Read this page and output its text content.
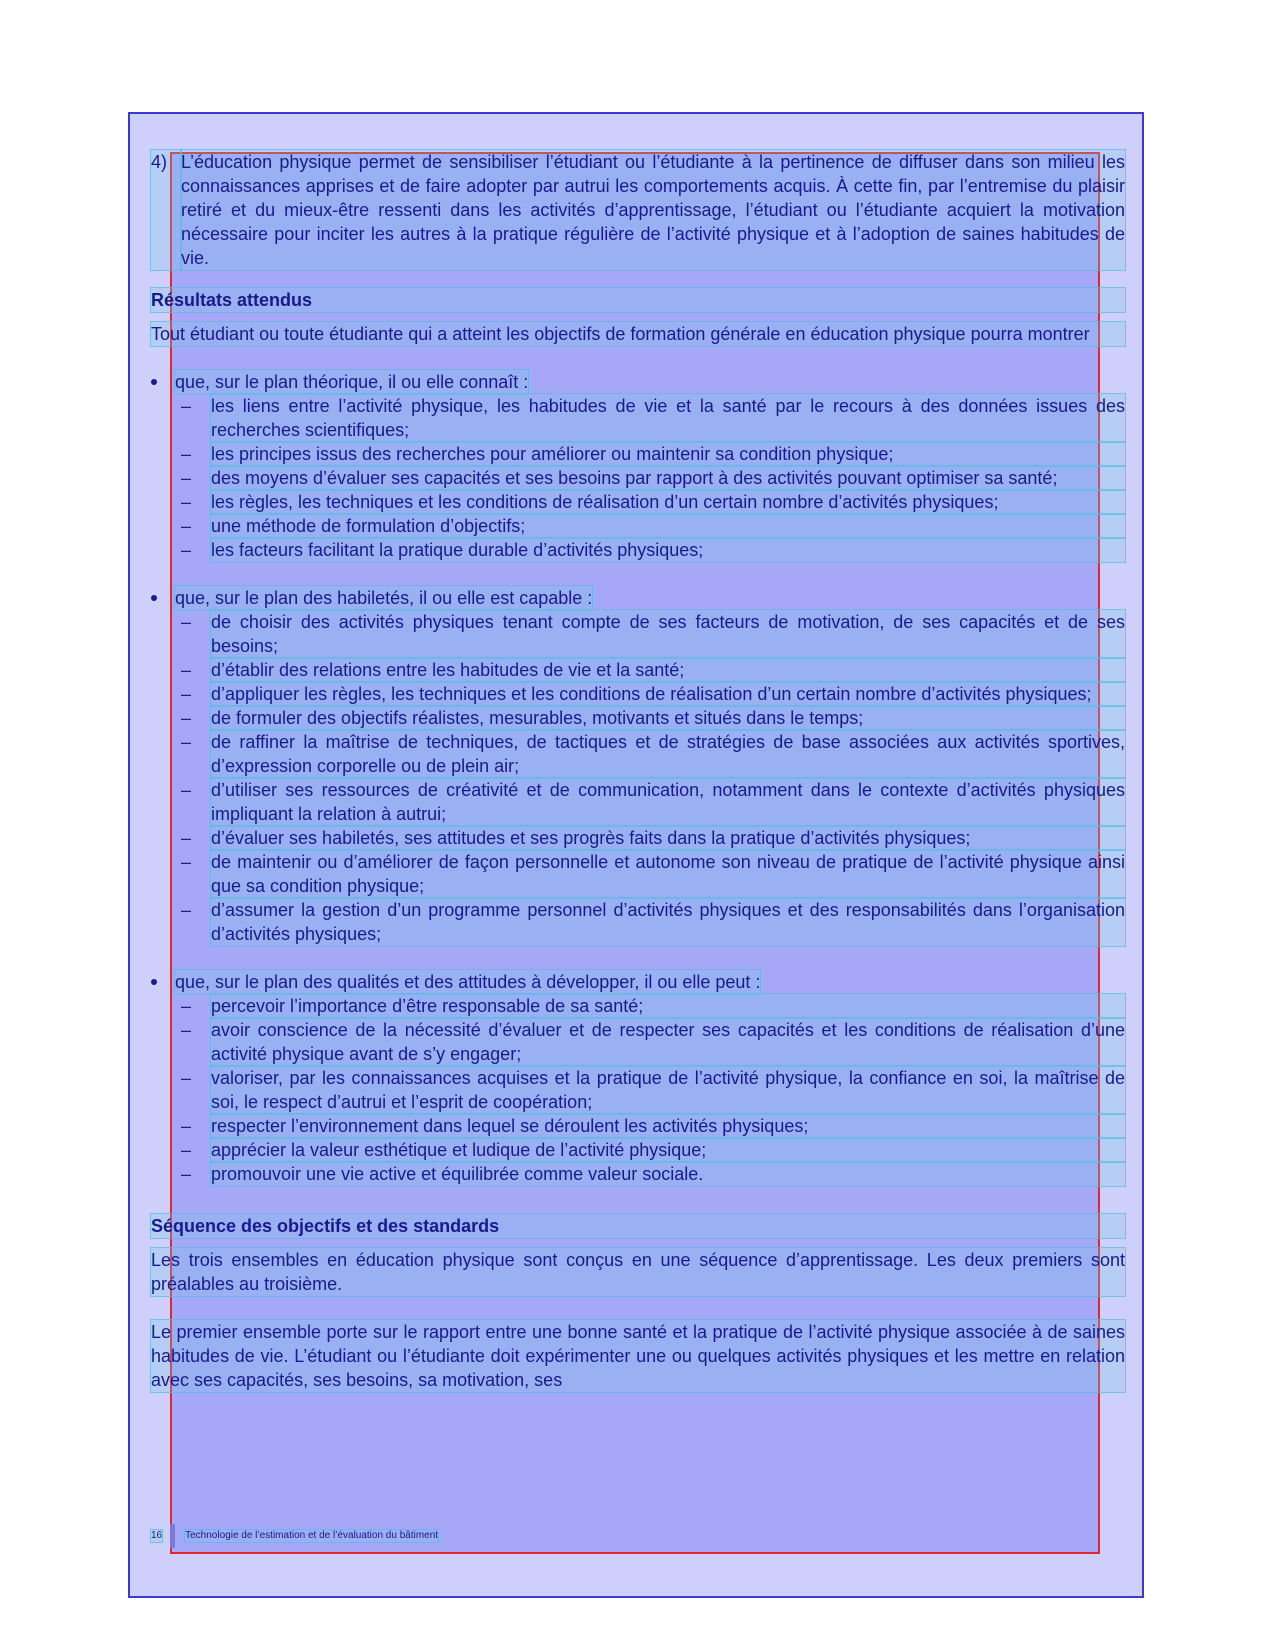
4) L’éducation physique permet de sensibiliser l’étudiant ou l’étudiante à la pertinence de diffuser dans son milieu les connaissances apprises et de faire adopter par autrui les comportements acquis. À cette fin, par l’entremise du plaisir retiré et du mieux-être ressenti dans les activités d’apprentissage, l’étudiant ou l’étudiante acquiert la motivation nécessaire pour inciter les autres à la pratique régulière de l’activité physique et à l’adoption de saines habitudes de vie.
Résultats attendus

Tout étudiant ou toute étudiante qui a atteint les objectifs de formation générale en éducation physique pourra montrer

que, sur le plan théorique, il ou elle connaît :
–	les liens entre l’activité physique, les habitudes de vie et la santé par le recours à des données issues des recherches scientifiques;
–	les principes issus des recherches pour améliorer ou maintenir sa condition physique;
–	des moyens d’évaluer ses capacités et ses besoins par rapport à des activités pouvant optimiser sa santé;
–	les règles, les techniques et les conditions de réalisation d’un certain nombre d’activités physiques;
–	une méthode de formulation d’objectifs;
–	les facteurs facilitant la pratique durable d’activités physiques;
que, sur le plan des habiletés, il ou elle est capable :
–	de choisir des activités physiques tenant compte de ses facteurs de motivation, de ses capacités et de ses besoins;
–	d’établir des relations entre les habitudes de vie et la santé;
–	d’appliquer les règles, les techniques et les conditions de réalisation d’un certain nombre d’activités physiques;
–	de formuler des objectifs réalistes, mesurables, motivants et situés dans le temps;
–	de raffiner la maîtrise de techniques, de tactiques et de stratégies de base associées aux activités sportives, d’expression corporelle ou de plein air;
–	d’utiliser ses ressources de créativité et de communication, notamment dans le contexte d’activités physiques impliquant la relation à autrui;
–	d’évaluer ses habiletés, ses attitudes et ses progrès faits dans la pratique d’activités physiques;
–	de maintenir ou d’améliorer de façon personnelle et autonome son niveau de pratique de l’activité physique ainsi que sa condition physique;
–	d’assumer la gestion d’un programme personnel d’activités physiques et des responsabilités dans l’organisation d’activités physiques;
que, sur le plan des qualités et des attitudes à développer, il ou elle peut :
–	percevoir l’importance d’être responsable de sa santé;
–	avoir conscience de la nécessité d’évaluer et de respecter ses capacités et les conditions de réalisation d’une activité physique avant de s’y engager;
–	valoriser, par les connaissances acquises et la pratique de l’activité physique, la confiance en soi, la maîtrise de soi, le respect d’autrui et l’esprit de coopération;
–	respecter l’environnement dans lequel se déroulent les activités physiques;
–	apprécier la valeur esthétique et ludique de l’activité physique;
–	promouvoir une vie active et équilibrée comme valeur sociale.
Séquence des objectifs et des standards

Les trois ensembles en éducation physique sont conçus en une séquence d’apprentissage. Les deux premiers sont préalables au troisième.

Le premier ensemble porte sur le rapport entre une bonne santé et la pratique de l’activité physique associée à de saines habitudes de vie. L’étudiant ou l’étudiante doit expérimenter une ou quelques activités physiques et les mettre en relation avec ses capacités, ses besoins, sa motivation, ses

16 Technologie de l’estimation et de l’évaluation du bâtiment
